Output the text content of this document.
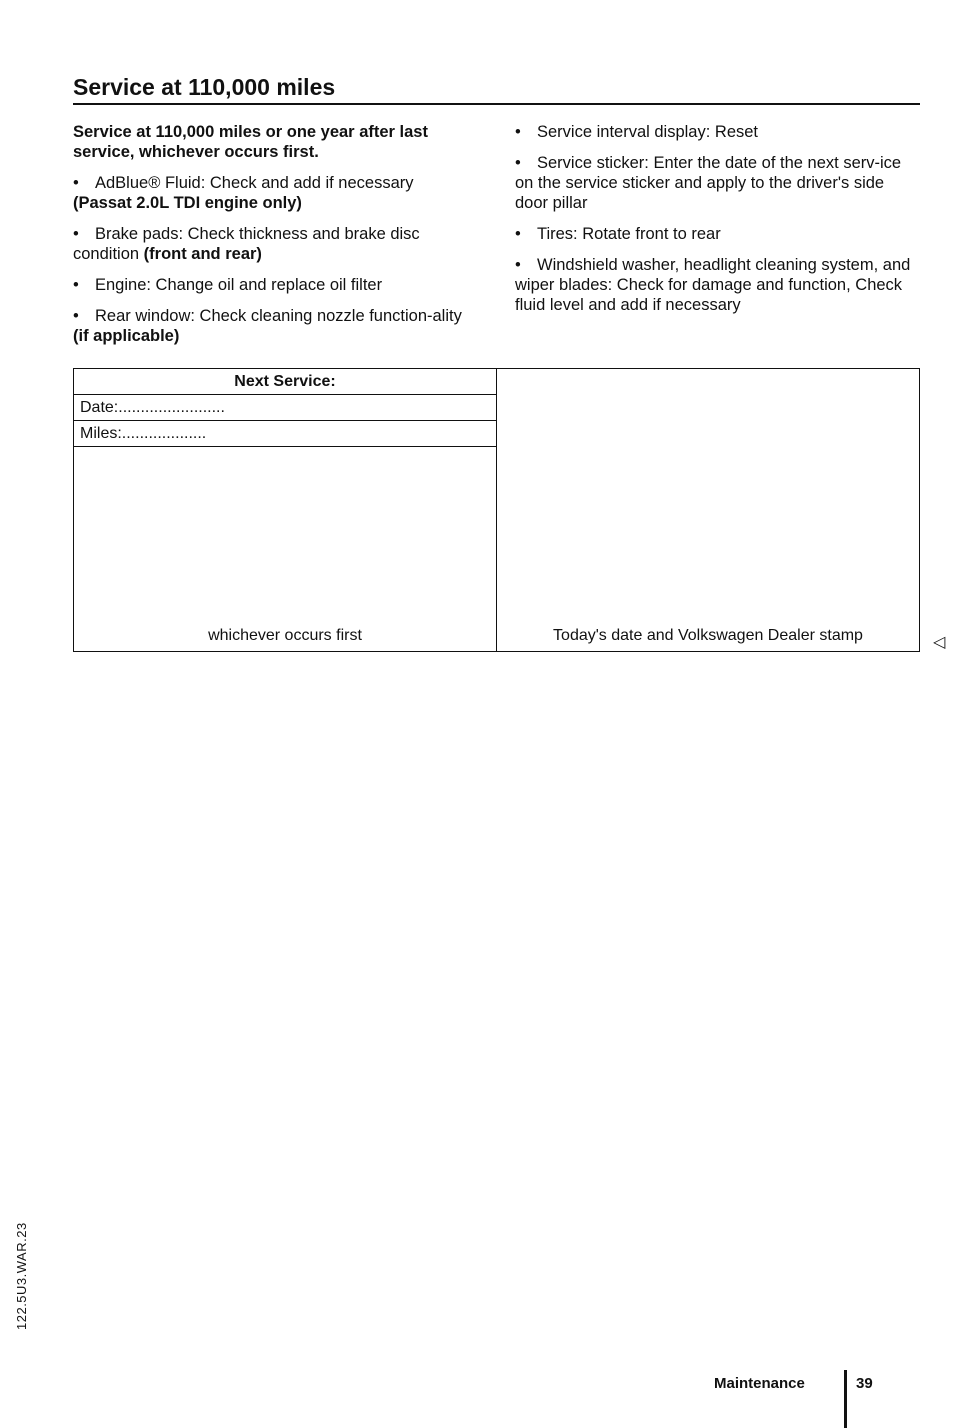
Service at 110,000 miles

Service at 110,000 miles or one year after last service, whichever occurs first.

• AdBlue® Fluid: Check and add if necessary
(Passat 2.0L TDI engine only)

• Brake pads: Check thickness and brake disc condition (front and rear)

• Engine: Change oil and replace oil filter

• Rear window: Check cleaning nozzle function-ality (if applicable)

• Service interval display: Reset

• Service sticker: Enter the date of the next serv-ice on the service sticker and apply to the driver's side door pillar

• Tires: Rotate front to rear

• Windshield washer, headlight cleaning system, and wiper blades: Check for damage and function, Check fluid level and add if necessary

Next Service:
Date:........................
Miles:...................
whichever occurs first	Today's date and Volkswagen Dealer stamp	◁
122.5U3.WAR.23
Maintenance	39
